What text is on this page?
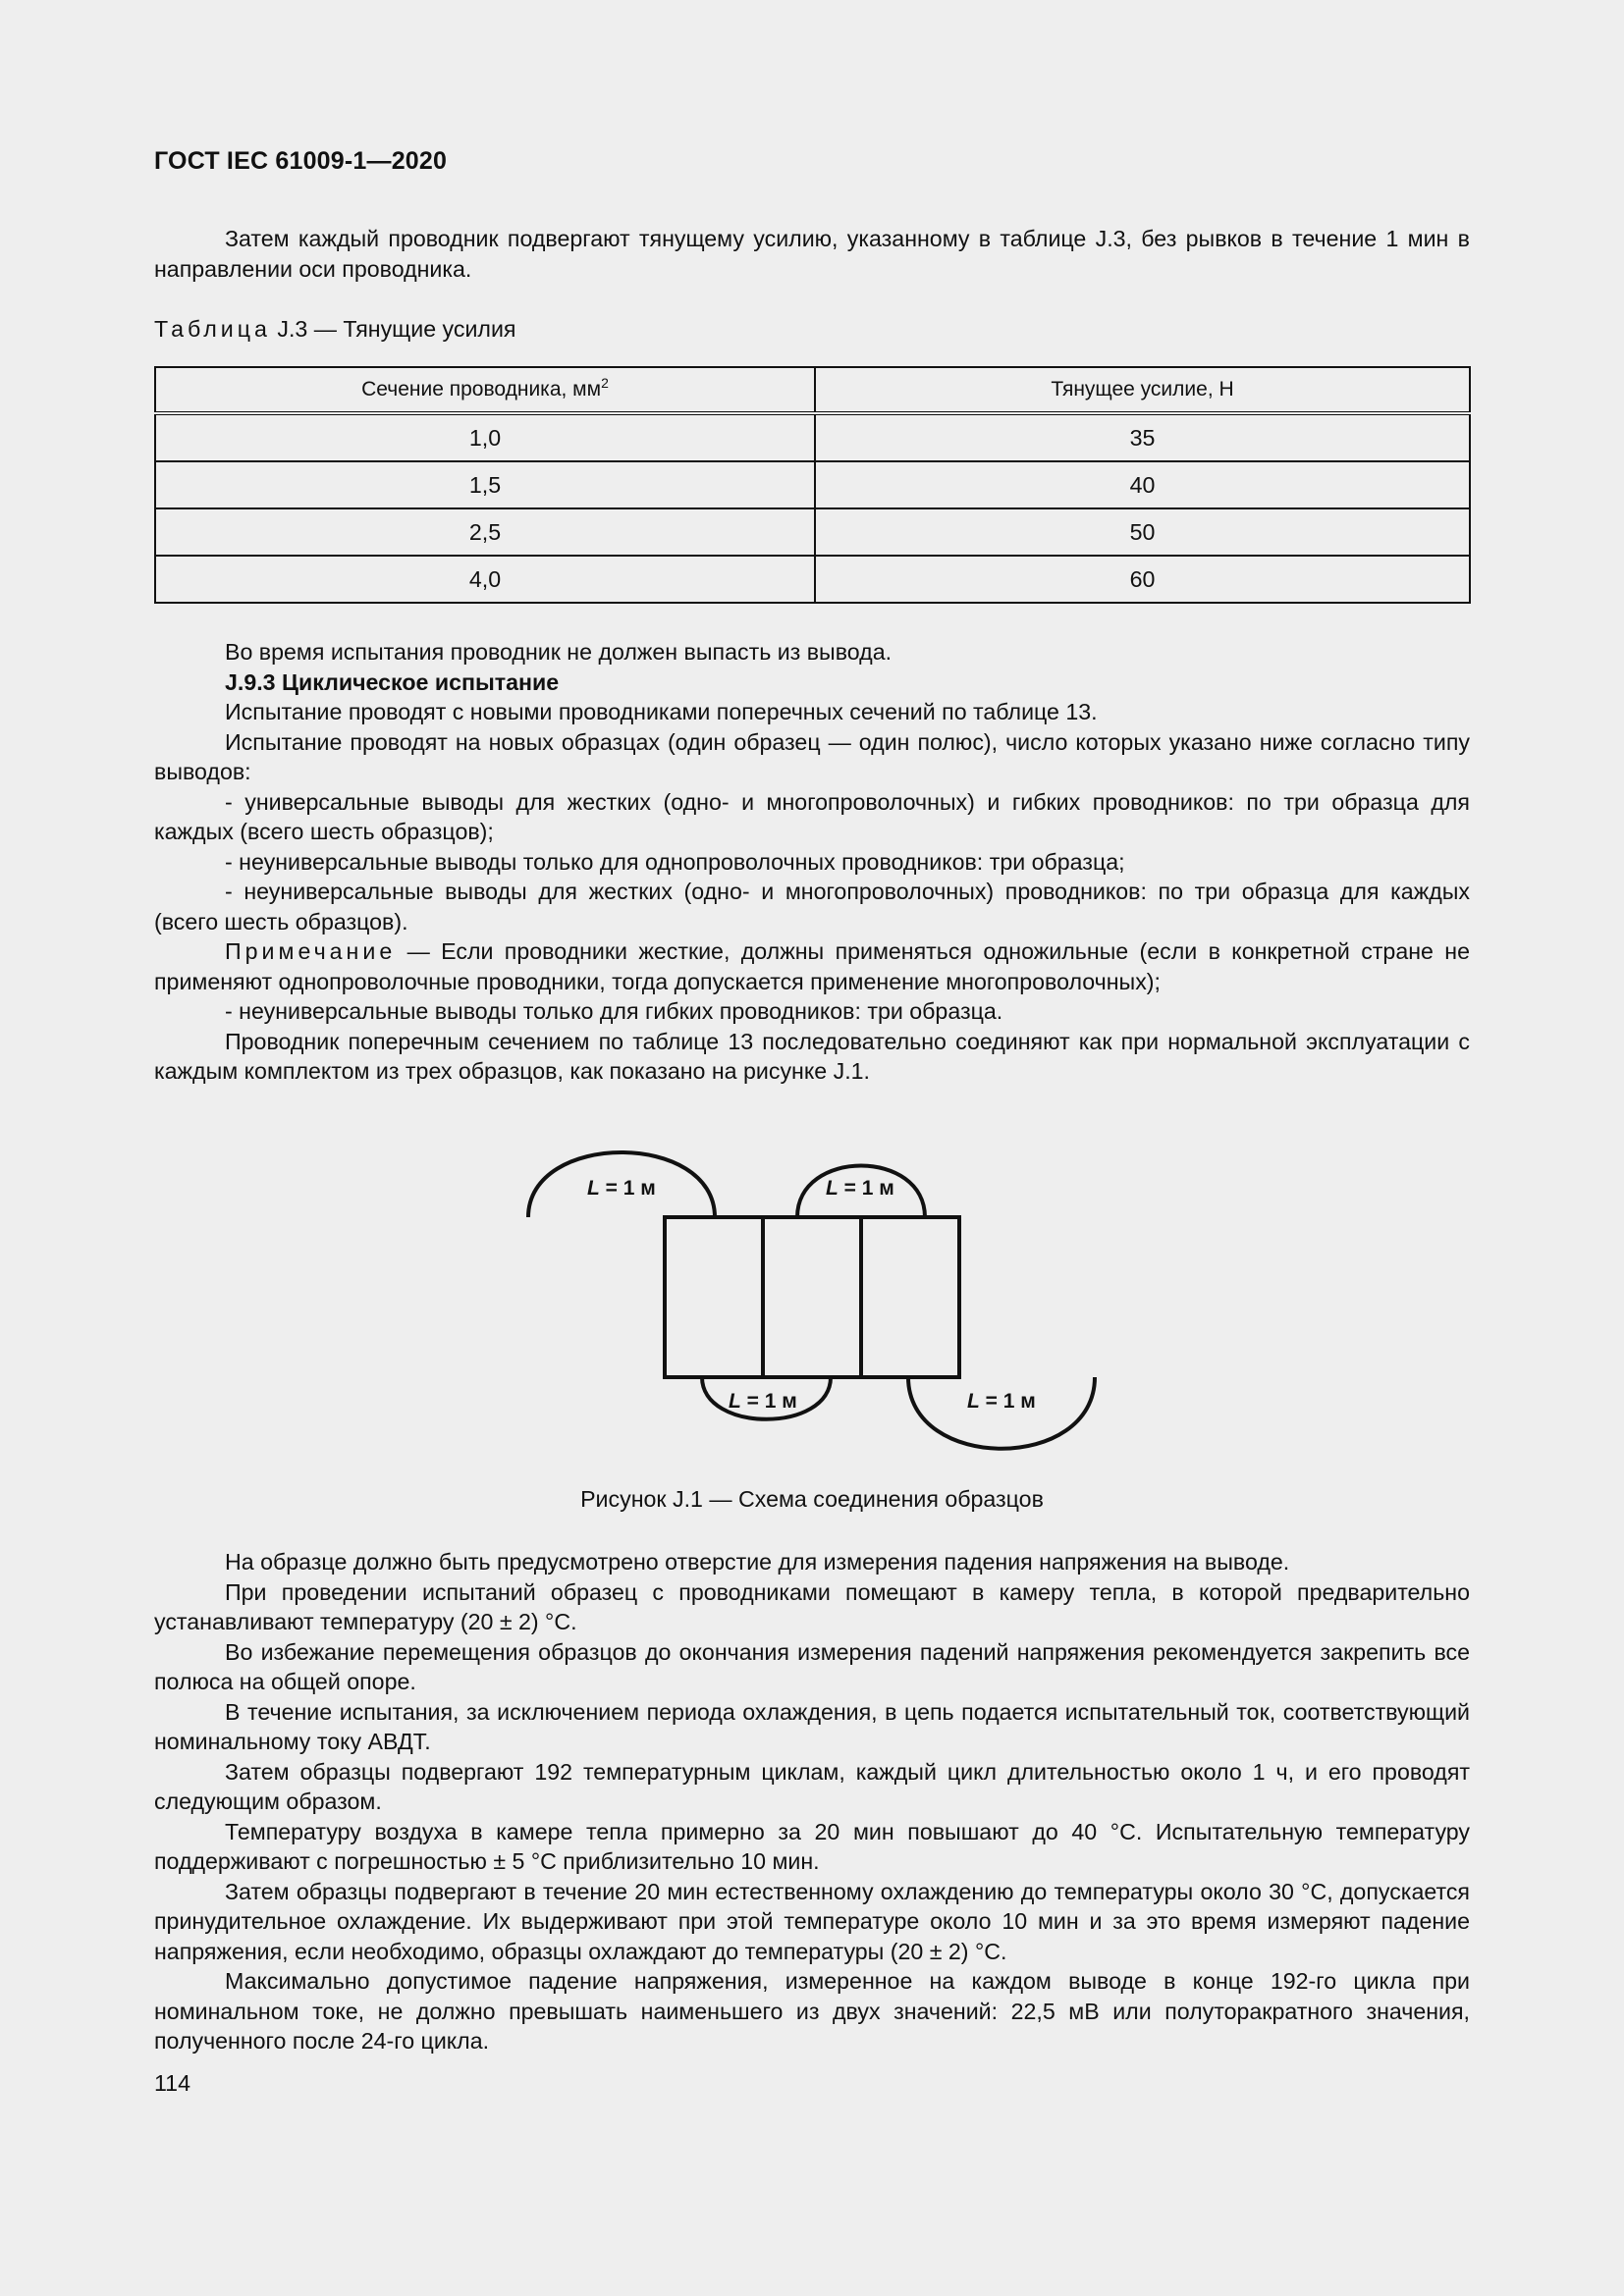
ГОСТ IEC 61009-1—2020

Затем каждый проводник подвергают тянущему усилию, указанному в таблице J.3, без рывков в течение 1 мин в направлении оси проводника.

Таблица J.3 — Тянущие усилия
Сечение проводника, $мм^2$	Тянущее усилие, Н
1,0	35
1,5	40
2,5	50
4,0	60

Во время испытания проводник не должен выпасть из вывода.

J.9.3 Циклическое испытание

Испытание проводят с новыми проводниками поперечных сечений по таблице 13.

Испытание проводят на новых образцах (один образец — один полюс), число которых указано ниже согласно типу выводов:

- универсальные выводы для жестких (одно- и многопроволочных) и гибких проводников: по три образца для каждых (всего шесть образцов);

- неуниверсальные выводы только для однопроволочных проводников: три образца;

- неуниверсальные выводы для жестких (одно- и многопроволочных) проводников: по три образца для каждых (всего шесть образцов).

Примечание — Если проводники жесткие, должны применяться одножильные (если в конкретной стране не применяют однопроволочные проводники, тогда допускается применение многопроволочных);

- неуниверсальные выводы только для гибких проводников: три образца.

Проводник поперечным сечением по таблице 13 последовательно соединяют как при нормальной эксплуатации с каждым комплектом из трех образцов, как показано на рисунке J.1.

L = 1 м	L = 1 м
L = 1 м	L = 1 м
Рисунок J.1 — Схема соединения образцов

На образце должно быть предусмотрено отверстие для измерения падения напряжения на выводе.

При проведении испытаний образец с проводниками помещают в камеру тепла, в которой предварительно устанавливают температуру (20 ± 2) °С.

Во избежание перемещения образцов до окончания измерения падений напряжения рекомендуется закрепить все полюса на общей опоре.

В течение испытания, за исключением периода охлаждения, в цепь подается испытательный ток, соответствующий номинальному току АВДТ.

Затем образцы подвергают 192 температурным циклам, каждый цикл длительностью около 1 ч, и его проводят следующим образом.

Температуру воздуха в камере тепла примерно за 20 мин повышают до 40 °С. Испытательную температуру поддерживают с погрешностью ± 5 °С приблизительно 10 мин.

Затем образцы подвергают в течение 20 мин естественному охлаждению до температуры около 30 °С, допускается принудительное охлаждение. Их выдерживают при этой температуре около 10 мин и за это время измеряют падение напряжения, если необходимо, образцы охлаждают до температуры (20 ± 2) °С.

Максимально допустимое падение напряжения, измеренное на каждом выводе в конце 192-го цикла при номинальном токе, не должно превышать наименьшего из двух значений: 22,5 мВ или полуторакратного значения, полученного после 24-го цикла.

114
